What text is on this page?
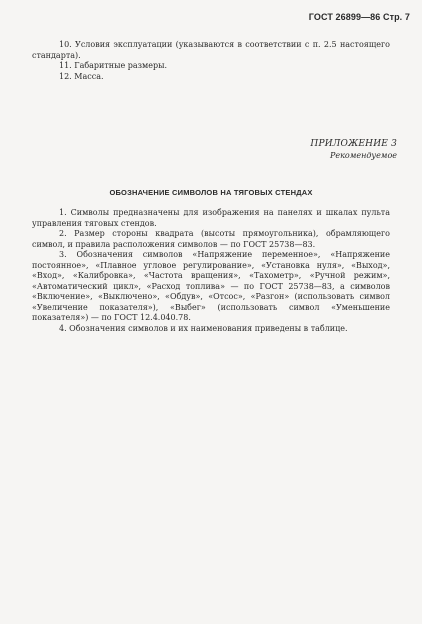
ГОСТ 26899—86 Стр. 7

10. Условия эксплуатации (указываются в соответствии с п. 2.5 настоящего стандарта).

11. Габаритные размеры.

12. Масса.

ПРИЛОЖЕНИЕ 3
Рекомендуемое
ОБОЗНАЧЕНИЕ СИМВОЛОВ НА ТЯГОВЫХ СТЕНДАХ

1. Символы предназначены для изображения на панелях и шкалах пульта управления тяговых стендов.

2. Размер стороны квадрата (высоты прямоугольника), обрамляющего символ, и правила расположения символов — по ГОСТ 25738—83.

3. Обозначения символов «Напряжение переменное», «Напряжение постоянное», «Плавное угловое регулирование», «Установка нуля», «Выход», «Вход», «Калибровка», «Частота вращения», «Тахометр», «Ручной режим», «Автоматический цикл», «Расход топлива» — по ГОСТ 25738—83, а символов «Включение», «Выключено», «Обдув», «Отсос», «Разгон» (использовать символ «Увеличение показателя»), «Выбег» (использовать символ «Уменьшение показателя») — по ГОСТ 12.4.040.78.

4. Обозначения символов и их наименования приведены в таблице.
